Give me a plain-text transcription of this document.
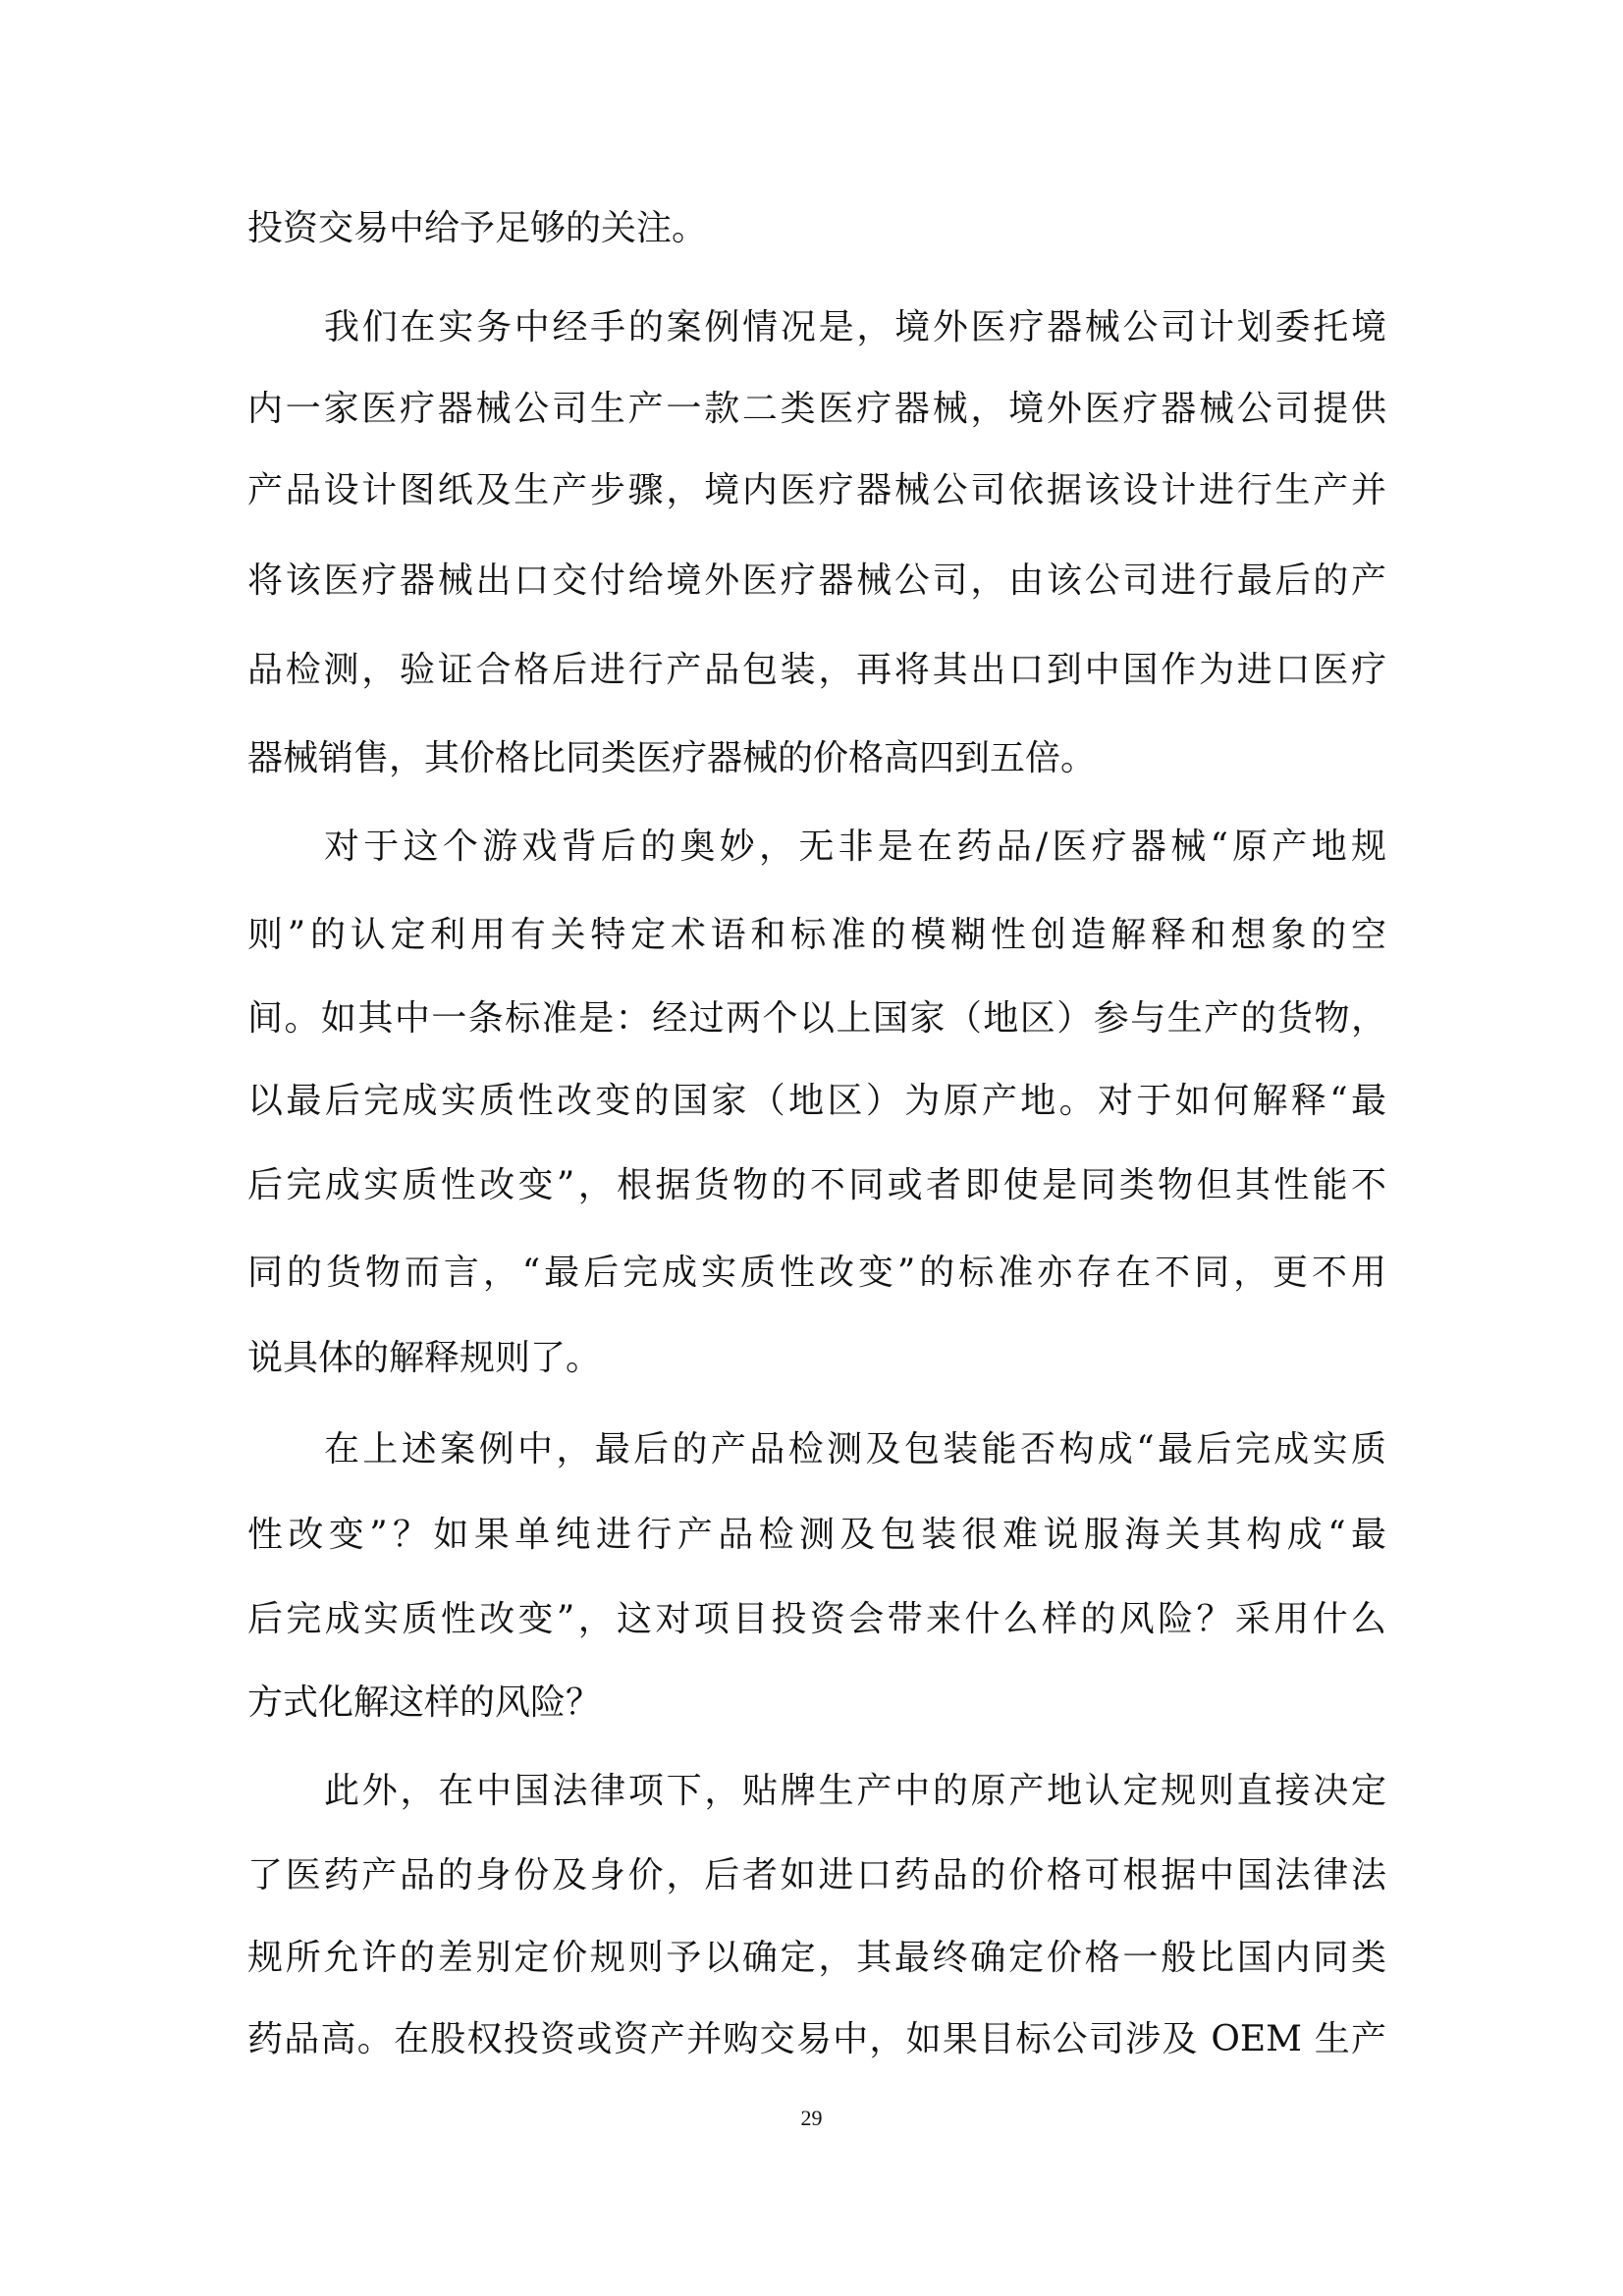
投资交易中给予足够的关注。
我们在实务中经手的案例情况是，境外医疗器械公司计划委托境
内一家医疗器械公司生产一款二类医疗器械，境外医疗器械公司提供
产品设计图纸及生产步骤，境内医疗器械公司依据该设计进行生产并
将该医疗器械出口交付给境外医疗器械公司，由该公司进行最后的产
品检测，验证合格后进行产品包装，再将其出口到中国作为进口医疗
器械销售，其价格比同类医疗器械的价格高四到五倍。
对于这个游戏背后的奥妙，无非是在药品/医疗器械“原产地规
则”的认定利用有关特定术语和标准的模糊性创造解释和想象的空
间。如其中一条标准是：经过两个以上国家（地区）参与生产的货物，
以最后完成实质性改变的国家（地区）为原产地。对于如何解释“最
后完成实质性改变”，根据货物的不同或者即使是同类物但其性能不
同的货物而言，“最后完成实质性改变”的标准亦存在不同，更不用
说具体的解释规则了。
在上述案例中，最后的产品检测及包装能否构成“最后完成实质
性改变”？如果单纯进行产品检测及包装很难说服海关其构成“最
后完成实质性改变”，这对项目投资会带来什么样的风险？采用什么
方式化解这样的风险？
此外，在中国法律项下，贴牌生产中的原产地认定规则直接决定
了医药产品的身份及身价，后者如进口药品的价格可根据中国法律法
规所允许的差别定价规则予以确定，其最终确定价格一般比国内同类
药品高。在股权投资或资产并购交易中，如果目标公司涉及 OEM 生产
29
